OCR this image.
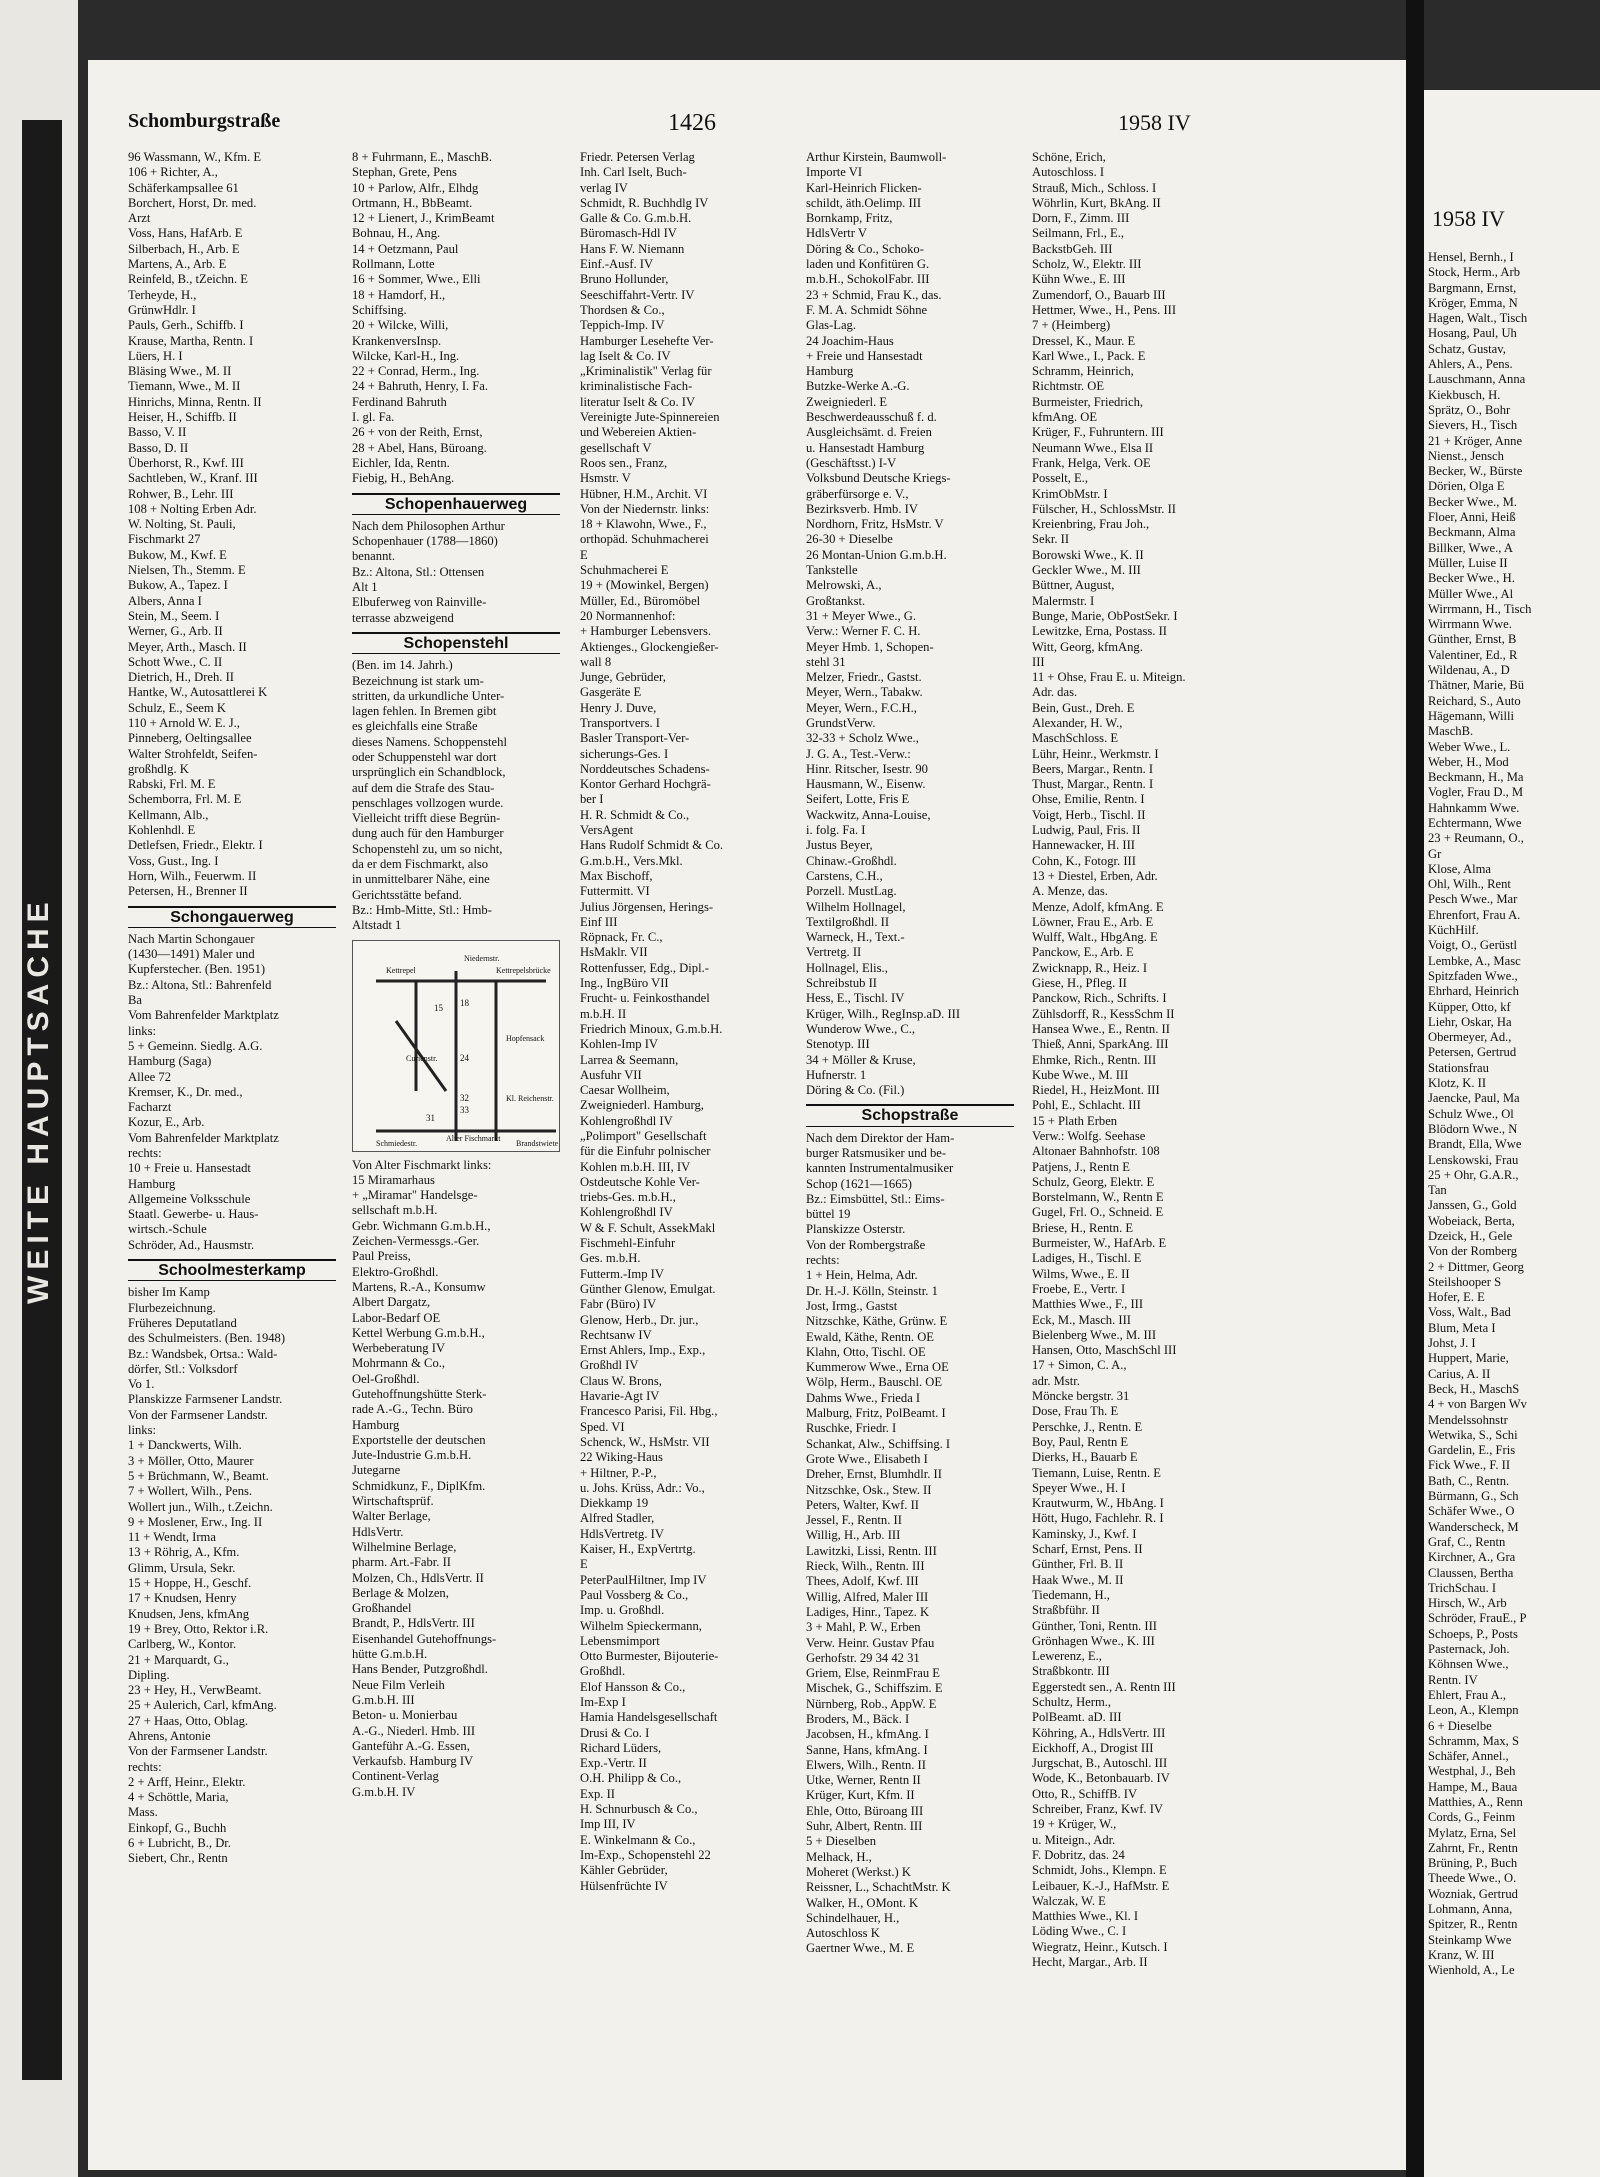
WEITE HAUPTSACHE
1958 IV
Hensel, Bernh., I
Stock, Herm., Arb
Bargmann, Ernst,
Kröger, Emma, N
Hagen, Walt., Tisch
Hosang, Paul, Uh
Schatz, Gustav,
Ahlers, A., Pens.
Lauschmann, Anna
Kiekbusch, H.
Sprätz, O., Bohr
Sievers, H., Tisch
21 + Kröger, Anne
Nienst., Jensch
Becker, W., Bürste
Dörien, Olga E
Becker Wwe., M.
Floer, Anni, Heiß
Beckmann, Alma
Billker, Wwe., A
Müller, Luise II
Becker Wwe., H.
Müller Wwe., Al
Wirrmann, H., Tisch
Wirrmann Wwe.
Günther, Ernst, B
Valentiner, Ed., R
Wildenau, A., D
Thätner, Marie, Bü
Reichard, S., Auto
Hägemann, Willi
MaschB.
Weber Wwe., L.
Weber, H., Mod
Beckmann, H., Ma
Vogler, Frau D., M
Hahnkamm Wwe.
Echtermann, Wwe
23 + Reumann, O.,
Gr
Klose, Alma
Ohl, Wilh., Rent
Pesch Wwe., Mar
Ehrenfort, Frau A.
KüchHilf.
Voigt, O., Gerüstl
Lembke, A., Masc
Spitzfaden Wwe.,
Ehrhard, Heinrich
Küpper, Otto, kf
Liehr, Oskar, Ha
Obermeyer, Ad.,
Petersen, Gertrud
Stationsfrau
Klotz, K. II
Jaencke, Paul, Ma
Schulz Wwe., Ol
Blödorn Wwe., N
Brandt, Ella, Wwe
Lenskowski, Frau
25 + Ohr, G.A.R.,
Tan
Janssen, G., Gold
Wobeiack, Berta,
Dzeick, H., Gele
Von der Romberg
2 + Dittmer, Georg
Steilshooper S
Hofer, E. E
Voss, Walt., Bad
Blum, Meta I
Johst, J. I
Huppert, Marie,
Carius, A. II
Beck, H., MaschS
4 + von Bargen Wv
Mendelssohnstr
Wetwika, S., Schi
Gardelin, E., Fris
Fick Wwe., F. II
Bath, C., Rentn.
Bürmann, G., Sch
Schäfer Wwe., O
Wanderscheck, M
Graf, C., Rentn
Kirchner, A., Gra
Claussen, Bertha
TrichSchau. I
Hirsch, W., Arb
Schröder, FrauE., P
Schoeps, P., Posts
Pasternack, Joh.
Köhnsen Wwe.,
Rentn. IV
Ehlert, Frau A.,
Leon, A., Klempn
6 + Dieselbe
Schramm, Max, S
Schäfer, Annel.,
Westphal, J., Beh
Hampe, M., Baua
Matthies, A., Renn
Cords, G., Feinm
Mylatz, Erna, Sel
Zahrnt, Fr., Rentn
Brüning, P., Buch
Theede Wwe., O.
Wozniak, Gertrud
Lohmann, Anna,
Spitzer, R., Rentn
Steinkamp Wwe
Kranz, W. III
Wienhold, A., Le
Schomburgstraße	1426	1958 IV
96 Wassmann, W., Kfm. E
106 + Richter, A.,
Schäferkampsallee 61
Borchert, Horst, Dr. med.
Arzt
Voss, Hans, HafArb. E
Silberbach, H., Arb. E
Martens, A., Arb. E
Reinfeld, B., tZeichn. E
Terheyde, H.,
GrünwHdlr. I
Pauls, Gerh., Schiffb. I
Krause, Martha, Rentn. I
Lüers, H. I
Bläsing Wwe., M. II
Tiemann, Wwe., M. II
Hinrichs, Minna, Rentn. II
Heiser, H., Schiffb. II
Basso, V. II
Basso, D. II
Überhorst, R., Kwf. III
Sachtleben, W., Kranf. III
Rohwer, B., Lehr. III
108 + Nolting Erben Adr.
W. Nolting, St. Pauli,
Fischmarkt 27
Bukow, M., Kwf. E
Nielsen, Th., Stemm. E
Bukow, A., Tapez. I
Albers, Anna I
Stein, M., Seem. I
Werner, G., Arb. II
Meyer, Arth., Masch. II
Schott Wwe., C. II
Dietrich, H., Dreh. II
Hantke, W., Autosattlerei K
Schulz, E., Seem K
110 + Arnold W. E. J.,
Pinneberg, Oeltingsallee
Walter Strohfeldt, Seifen-
großhdlg. K
Rabski, Frl. M. E
Schemborra, Frl. M. E
Kellmann, Alb.,
Kohlenhdl. E
Detlefsen, Friedr., Elektr. I
Voss, Gust., Ing. I
Horn, Wilh., Feuerwm. II
Petersen, H., Brenner II
Schongauerweg
Nach Martin Schongauer
(1430—1491) Maler und
Kupferstecher. (Ben. 1951)
Bz.: Altona, Stl.: Bahrenfeld
Ba
Vom Bahrenfelder Marktplatz
links:
5 + Gemeinn. Siedlg. A.G.
Hamburg (Saga)
Allee 72
Kremser, K., Dr. med.,
Facharzt
Kozur, E., Arb.
Vom Bahrenfelder Marktplatz
rechts:
10 + Freie u. Hansestadt
Hamburg
Allgemeine Volksschule
Staatl. Gewerbe- u. Haus-
wirtsch.-Schule
Schröder, Ad., Hausmstr.
Schoolmesterkamp
bisher Im Kamp
Flurbezeichnung.
Früheres Deputatland
des Schulmeisters. (Ben. 1948)
Bz.: Wandsbek, Ortsa.: Wald-
dörfer, Stl.: Volksdorf
Vo 1.
Planskizze Farmsener Landstr.
Von der Farmsener Landstr.
links:
1 + Danckwerts, Wilh.
3 + Möller, Otto, Maurer
5 + Brüchmann, W., Beamt.
7 + Wollert, Wilh., Pens.
Wollert jun., Wilh., t.Zeichn.
9 + Moslener, Erw., Ing. II
11 + Wendt, Irma
13 + Röhrig, A., Kfm.
Glimm, Ursula, Sekr.
15 + Hoppe, H., Geschf.
17 + Knudsen, Henry
Knudsen, Jens, kfmAng
19 + Brey, Otto, Rektor i.R.
Carlberg, W., Kontor.
21 + Marquardt, G.,
Dipling.
23 + Hey, H., VerwBeamt.
25 + Aulerich, Carl, kfmAng.
27 + Haas, Otto, Oblag.
Ahrens, Antonie
Von der Farmsener Landstr.
rechts:
2 + Arff, Heinr., Elektr.
4 + Schöttle, Maria,
Mass.
Einkopf, G., Buchh
6 + Lubricht, B., Dr.
Siebert, Chr., Rentn
8 + Fuhrmann, E., MaschB.
Stephan, Grete, Pens
10 + Parlow, Alfr., Elhdg
Ortmann, H., BbBeamt.
12 + Lienert, J., KrimBeamt
Bohnau, H., Ang.
14 + Oetzmann, Paul
Rollmann, Lotte
16 + Sommer, Wwe., Elli
18 + Hamdorf, H.,
Schiffsing.
20 + Wilcke, Willi,
KrankenversInsp.
Wilcke, Karl-H., Ing.
22 + Conrad, Herm., Ing.
24 + Bahruth, Henry, I. Fa.
Ferdinand Bahruth
I. gl. Fa.
26 + von der Reith, Ernst,
28 + Abel, Hans, Büroang.
Eichler, Ida, Rentn.
Fiebig, H., BehAng.
Schopenhauerweg
Nach dem Philosophen Arthur
Schopenhauer (1788—1860)
benannt.
Bz.: Altona, Stl.: Ottensen
Alt 1
Elbuferweg von Rainville-
terrasse abzweigend
Schopenstehl
(Ben. im 14. Jahrh.)
Bezeichnung ist stark um-
stritten, da urkundliche Unter-
lagen fehlen. In Bremen gibt
es gleichfalls eine Straße
dieses Namens. Schoppenstehl
oder Schuppenstehl war dort
ursprünglich ein Schandblock,
auf dem die Strafe des Stau-
penschlages vollzogen wurde.
Vielleicht trifft diese Begrün-
dung auch für den Hamburger
Schopenstehl zu, um so nicht,
da er dem Fischmarkt, also
in unmittelbarer Nähe, eine
Gerichtsstätte befand.
Bz.: Hmb-Mitte, Stl.: Hmb-
Altstadt 1
Kettrepel	Kettrepelsbrücke
Niedernstr.
Curienstr.
Hopfensack
Kl. Reichenstr.
Schmiedestr.
Alter Fischmarkt
Brandstwiete
15 18
24
32
33
31
Von Alter Fischmarkt links:
15 Miramarhaus
+ „Miramar" Handelsge-
sellschaft m.b.H.
Gebr. Wichmann G.m.b.H.,
Zeichen-Vermessgs.-Ger.
Paul Preiss,
Elektro-Großhdl.
Martens, R.-A., Konsumw
Albert Dargatz,
Labor-Bedarf OE
Kettel Werbung G.m.b.H.,
Werbeberatung IV
Mohrmann & Co.,
Oel-Großhdl.
Gutehoffnungshütte Sterk-
rade A.-G., Techn. Büro
Hamburg
Exportstelle der deutschen
Jute-Industrie G.m.b.H.
Jutegarne
Schmidkunz, F., DiplKfm.
Wirtschaftsprüf.
Walter Berlage,
HdlsVertr.
Wilhelmine Berlage,
pharm. Art.-Fabr. II
Molzen, Ch., HdlsVertr. II
Berlage & Molzen,
Großhandel
Brandt, P., HdlsVertr. III
Eisenhandel Gutehoffnungs-
hütte G.m.b.H.
Hans Bender, Putzgroßhdl.
Neue Film Verleih
G.m.b.H. III
Beton- u. Monierbau
A.-G., Niederl. Hmb. III
Ganteführ A.-G. Essen,
Verkaufsb. Hamburg IV
Continent-Verlag
G.m.b.H. IV
Friedr. Petersen Verlag
Inh. Carl Iselt, Buch-
verlag IV
Schmidt, R. Buchhdlg IV
Galle & Co. G.m.b.H.
Büromasch-Hdl IV
Hans F. W. Niemann
Einf.-Ausf. IV
Bruno Hollunder,
Seeschiffahrt-Vertr. IV
Thordsen & Co.,
Teppich-Imp. IV
Hamburger Lesehefte Ver-
lag Iselt & Co. IV
„Kriminalistik" Verlag für
kriminalistische Fach-
literatur Iselt & Co. IV
Vereinigte Jute-Spinnereien
und Webereien Aktien-
gesellschaft V
Roos sen., Franz,
Hsmstr. V
Hübner, H.M., Archit. VI
Von der Niedernstr. links:
18 + Klawohn, Wwe., F.,
orthopäd. Schuhmacherei
E
Schuhmacherei E
19 + (Mowinkel, Bergen)
Müller, Ed., Büromöbel
20 Normannenhof:
+ Hamburger Lebensvers.
Aktienges., Glockengießer-
wall 8
Junge, Gebrüder,
Gasgeräte E
Henry J. Duve,
Transportvers. I
Basler Transport-Ver-
sicherungs-Ges. I
Norddeutsches Schadens-
Kontor Gerhard Hochgrä-
ber I
H. R. Schmidt & Co.,
VersAgent
Hans Rudolf Schmidt & Co.
G.m.b.H., Vers.Mkl.
Max Bischoff,
Futtermitt. VI
Julius Jörgensen, Herings-
Einf III
Röpnack, Fr. C.,
HsMaklr. VII
Rottenfusser, Edg., Dipl.-
Ing., IngBüro VII
Frucht- u. Feinkosthandel
m.b.H. II
Friedrich Minoux, G.m.b.H.
Kohlen-Imp IV
Larrea & Seemann,
Ausfuhr VII
Caesar Wollheim,
Zweigniederl. Hamburg,
Kohlengroßhdl IV
„Polimport" Gesellschaft
für die Einfuhr polnischer
Kohlen m.b.H. III, IV
Ostdeutsche Kohle Ver-
triebs-Ges. m.b.H.,
Kohlengroßhdl IV
W & F. Schult, AssekMakl
Fischmehl-Einfuhr
Ges. m.b.H.
Futterm.-Imp IV
Günther Glenow, Emulgat.
Fabr (Büro) IV
Glenow, Herb., Dr. jur.,
Rechtsanw IV
Ernst Ahlers, Imp., Exp.,
Großhdl IV
Claus W. Brons,
Havarie-Agt IV
Francesco Parisi, Fil. Hbg.,
Sped. VI
Schenck, W., HsMstr. VII
22 Wiking-Haus
+ Hiltner, P.-P.,
u. Johs. Krüss, Adr.: Vo.,
Diekkamp 19
Alfred Stadler,
HdlsVertretg. IV
Kaiser, H., ExpVertrtg.
E
PeterPaulHiltner, Imp IV
Paul Vossberg & Co.,
Imp. u. Großhdl.
Wilhelm Spieckermann,
Lebensmimport
Otto Burmester, Bijouterie-
Großhdl.
Elof Hansson & Co.,
Im-Exp I
Hamia Handelsgesellschaft
Drusi & Co. I
Richard Lüders,
Exp.-Vertr. II
O.H. Philipp & Co.,
Exp. II
H. Schnurbusch & Co.,
Imp III, IV
E. Winkelmann & Co.,
Im-Exp., Schopenstehl 22
Kähler Gebrüder,
Hülsenfrüchte IV
Arthur Kirstein, Baumwoll-
Importe VI
Karl-Heinrich Flicken-
schildt, äth.Oelimp. III
Bornkamp, Fritz,
HdlsVertr V
Döring & Co., Schoko-
laden und Konfitüren G.
m.b.H., SchokolFabr. III
23 + Schmid, Frau K., das.
F. M. A. Schmidt Söhne
Glas-Lag.
24 Joachim-Haus
+ Freie und Hansestadt
Hamburg
Butzke-Werke A.-G.
Zweigniederl. E
Beschwerdeausschuß f. d.
Ausgleichsämt. d. Freien
u. Hansestadt Hamburg
(Geschäftsst.) I-V
Volksbund Deutsche Kriegs-
gräberfürsorge e. V.,
Bezirksverb. Hmb. IV
Nordhorn, Fritz, HsMstr. V
26-30 + Dieselbe
26 Montan-Union G.m.b.H.
Tankstelle
Melrowski, A.,
Großtankst.
31 + Meyer Wwe., G.
Verw.: Werner F. C. H.
Meyer Hmb. 1, Schopen-
stehl 31
Melzer, Friedr., Gastst.
Meyer, Wern., Tabakw.
Meyer, Wern., F.C.H.,
GrundstVerw.
32-33 + Scholz Wwe.,
J. G. A., Test.-Verw.:
Hinr. Ritscher, Isestr. 90
Hausmann, W., Eisenw.
Seifert, Lotte, Fris E
Wackwitz, Anna-Louise,
i. folg. Fa. I
Justus Beyer,
Chinaw.-Großhdl.
Carstens, C.H.,
Porzell. MustLag.
Wilhelm Hollnagel,
Textilgroßhdl. II
Warneck, H., Text.-
Vertretg. II
Hollnagel, Elis.,
Schreibstub II
Hess, E., Tischl. IV
Krüger, Wilh., RegInsp.aD. III
Wunderow Wwe., C.,
Stenotyp. III
34 + Möller & Kruse,
Hufnerstr. 1
Döring & Co. (Fil.)
Schopstraße
Nach dem Direktor der Ham-
burger Ratsmusiker und be-
kannten Instrumentalmusiker
Schop (1621—1665)
Bz.: Eimsbüttel, Stl.: Eims-
büttel 19
Planskizze Osterstr.
Von der Rombergstraße
rechts:
1 + Hein, Helma, Adr.
Dr. H.-J. Kölln, Steinstr. 1
Jost, Irmg., Gastst
Nitzschke, Käthe, Grünw. E
Ewald, Käthe, Rentn. OE
Klahn, Otto, Tischl. OE
Kummerow Wwe., Erna OE
Wölp, Herm., Bauschl. OE
Dahms Wwe., Frieda I
Malburg, Fritz, PolBeamt. I
Ruschke, Friedr. I
Schankat, Alw., Schiffsing. I
Grote Wwe., Elisabeth I
Dreher, Ernst, Blumhdlr. II
Nitzschke, Osk., Stew. II
Peters, Walter, Kwf. II
Jessel, F., Rentn. II
Willig, H., Arb. III
Lawitzki, Lissi, Rentn. III
Rieck, Wilh., Rentn. III
Thees, Adolf, Kwf. III
Willig, Alfred, Maler III
Ladiges, Hinr., Tapez. K
3 + Mahl, P. W., Erben
Verw. Heinr. Gustav Pfau
Gerhofstr. 29 34 42 31
Griem, Else, ReinmFrau E
Mischek, G., Schiffszim. E
Nürnberg, Rob., AppW. E
Broders, M., Bäck. I
Jacobsen, H., kfmAng. I
Sanne, Hans, kfmAng. I
Elwers, Wilh., Rentn. II
Utke, Werner, Rentn II
Krüger, Kurt, Kfm. II
Ehle, Otto, Büroang III
Suhr, Albert, Rentn. III
5 + Dieselben
Melhack, H.,
Moheret (Werkst.) K
Reissner, L., SchachtMstr. K
Walker, H., OMont. K
Schindelhauer, H.,
Autoschloss K
Gaertner Wwe., M. E
Schöne, Erich,
Autoschloss. I
Strauß, Mich., Schloss. I
Wöhrlin, Kurt, BkAng. II
Dorn, F., Zimm. III
Seilmann, Frl., E.,
BackstbGeh. III
Scholz, W., Elektr. III
Kühn Wwe., E. III
Zumendorf, O., Bauarb III
Hettmer, Wwe., H., Pens. III
7 + (Heimberg)
Dressel, K., Maur. E
Karl Wwe., I., Pack. E
Schramm, Heinrich,
Richtmstr. OE
Burmeister, Friedrich,
kfmAng. OE
Krüger, F., Fuhruntern. III
Neumann Wwe., Elsa II
Frank, Helga, Verk. OE
Posselt, E.,
KrimObMstr. I
Fülscher, H., SchlossMstr. II
Kreienbring, Frau Joh.,
Sekr. II
Borowski Wwe., K. II
Geckler Wwe., M. III
Büttner, August,
Malermstr. I
Bunge, Marie, ObPostSekr. I
Lewitzke, Erna, Postass. II
Witt, Georg, kfmAng.
III
11 + Ohse, Frau E. u. Miteign.
Adr. das.
Bein, Gust., Dreh. E
Alexander, H. W.,
MaschSchloss. E
Lühr, Heinr., Werkmstr. I
Beers, Margar., Rentn. I
Thust, Margar., Rentn. I
Ohse, Emilie, Rentn. I
Voigt, Herb., Tischl. II
Ludwig, Paul, Fris. II
Hannewacker, H. III
Cohn, K., Fotogr. III
13 + Diestel, Erben, Adr.
A. Menze, das.
Menze, Adolf, kfmAng. E
Löwner, Frau E., Arb. E
Wulff, Walt., HbgAng. E
Panckow, E., Arb. E
Zwicknapp, R., Heiz. I
Giese, H., Pfleg. II
Panckow, Rich., Schrifts. I
Zühlsdorff, R., KessSchm II
Hansea Wwe., E., Rentn. II
Thieß, Anni, SparkAng. III
Ehmke, Rich., Rentn. III
Kube Wwe., M. III
Riedel, H., HeizMont. III
Pohl, E., Schlacht. III
15 + Plath Erben
Verw.: Wolfg. Seehase
Altonaer Bahnhofstr. 108
Patjens, J., Rentn E
Schulz, Georg, Elektr. E
Borstelmann, W., Rentn E
Gugel, Frl. O., Schneid. E
Briese, H., Rentn. E
Burmeister, W., HafArb. E
Ladiges, H., Tischl. E
Wilms, Wwe., E. II
Froebe, E., Vertr. I
Matthies Wwe., F., III
Eck, M., Masch. III
Bielenberg Wwe., M. III
Hansen, Otto, MaschSchl III
17 + Simon, C. A.,
adr. Mstr.
Möncke bergstr. 31
Dose, Frau Th. E
Perschke, J., Rentn. E
Boy, Paul, Rentn E
Dierks, H., Bauarb E
Tiemann, Luise, Rentn. E
Speyer Wwe., H. I
Krautwurm, W., HbAng. I
Hött, Hugo, Fachlehr. R. I
Kaminsky, J., Kwf. I
Scharf, Ernst, Pens. II
Günther, Frl. B. II
Haak Wwe., M. II
Tiedemann, H.,
Straßbführ. II
Günther, Toni, Rentn. III
Grönhagen Wwe., K. III
Lewerenz, E.,
Straßbkontr. III
Eggerstedt sen., A. Rentn III
Schultz, Herm.,
PolBeamt. aD. III
Köhring, A., HdlsVertr. III
Eickhoff, A., Drogist III
Jurgschat, B., Autoschl. III
Wode, K., Betonbauarb. IV
Otto, R., SchiffB. IV
Schreiber, Franz, Kwf. IV
19 + Krüger, W.,
u. Miteign., Adr.
F. Dobritz, das. 24
Schmidt, Johs., Klempn. E
Leibauer, K.-J., HafMstr. E
Walczak, W. E
Matthies Wwe., Kl. I
Löding Wwe., C. I
Wiegratz, Heinr., Kutsch. I
Hecht, Margar., Arb. II
